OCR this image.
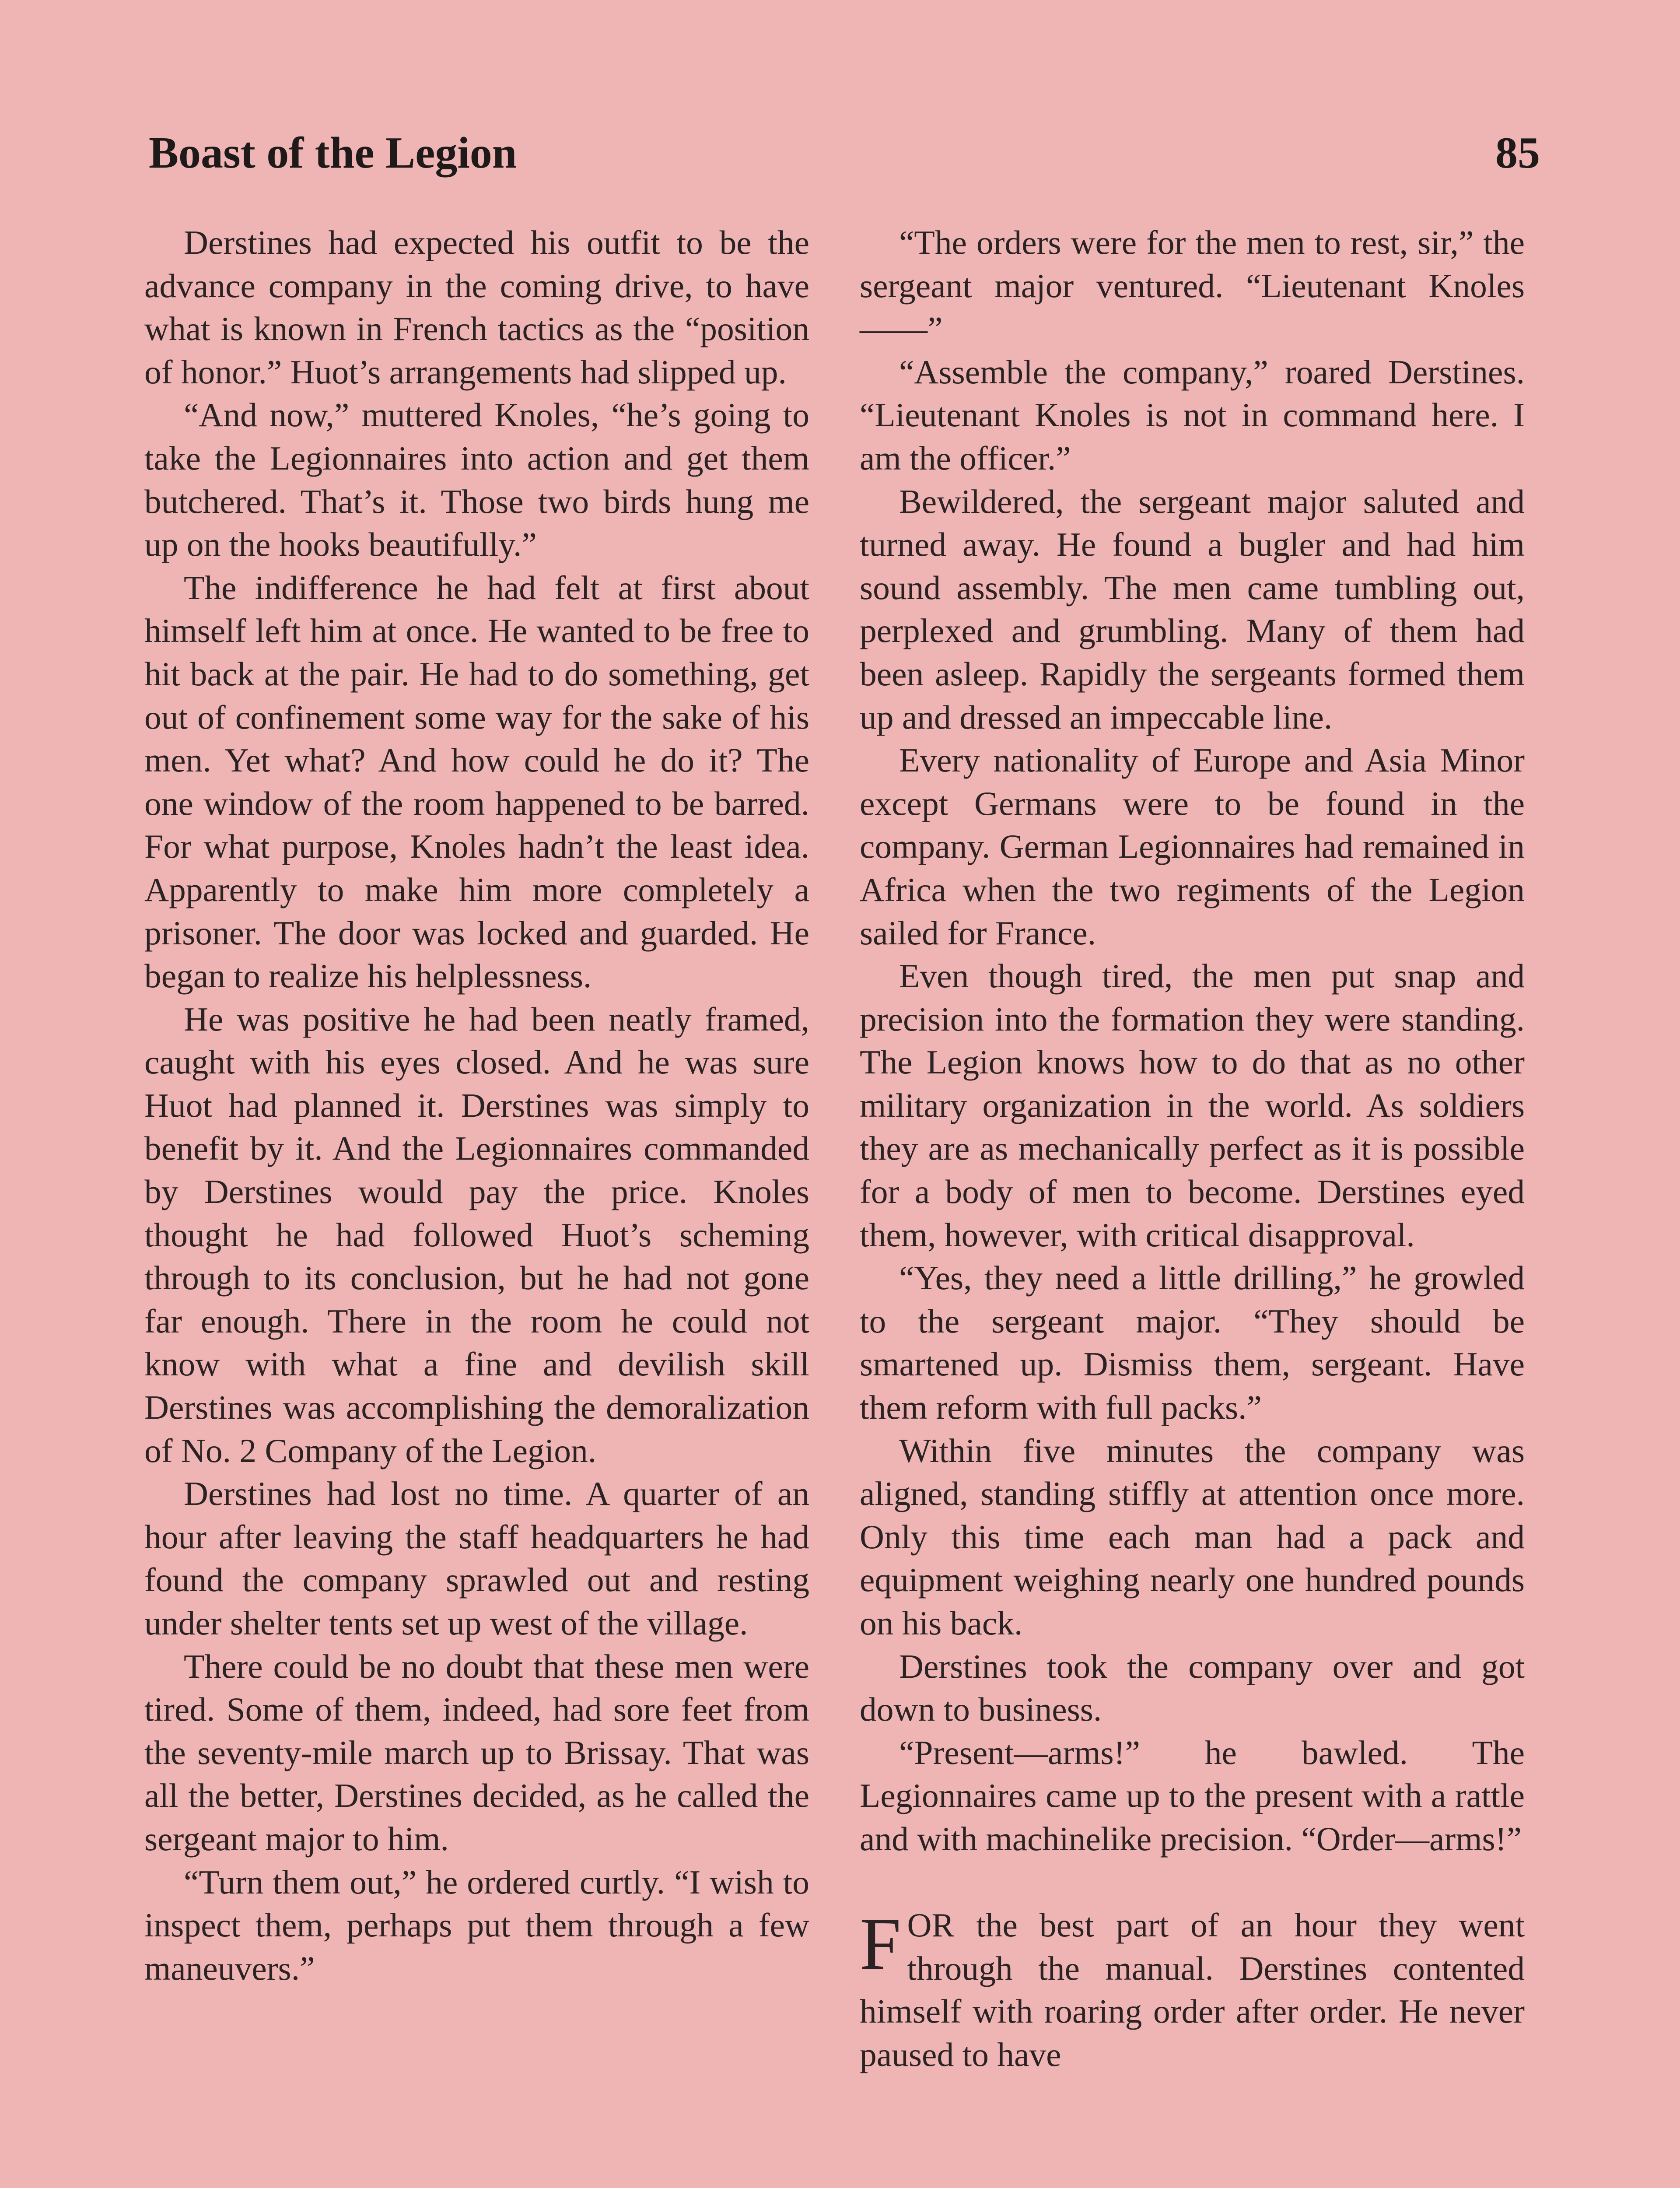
Boast of the Legion	85

Derstines had expected his outfit to be the advance company in the coming drive, to have what is known in French tactics as the “position of honor.” Huot’s arrangements had slipped up.

“And now,” muttered Knoles, “he’s going to take the Legionnaires into action and get them butchered. That’s it. Those two birds hung me up on the hooks beautifully.”

The indifference he had felt at first about himself left him at once. He wanted to be free to hit back at the pair. He had to do something, get out of confinement some way for the sake of his men. Yet what? And how could he do it? The one window of the room happened to be barred. For what purpose, Knoles hadn’t the least idea. Apparently to make him more completely a prisoner. The door was locked and guarded. He began to realize his helplessness.

He was positive he had been neatly framed, caught with his eyes closed. And he was sure Huot had planned it. Derstines was simply to benefit by it. And the Legionnaires commanded by Derstines would pay the price. Knoles thought he had followed Huot’s scheming through to its conclusion, but he had not gone far enough. There in the room he could not know with what a fine and devilish skill Derstines was accomplishing the demoralization of No. 2 Company of the Legion.

Derstines had lost no time. A quarter of an hour after leaving the staff headquarters he had found the company sprawled out and resting under shelter tents set up west of the village.

There could be no doubt that these men were tired. Some of them, indeed, had sore feet from the seventy-mile march up to Brissay. That was all the better, Derstines decided, as he called the sergeant major to him.

“Turn them out,” he ordered curtly. “I wish to inspect them, perhaps put them through a few maneuvers.”

“The orders were for the men to rest, sir,” the sergeant major ventured. “Lieutenant Knoles——”

“Assemble the company,” roared Derstines. “Lieutenant Knoles is not in command here. I am the officer.”

Bewildered, the sergeant major saluted and turned away. He found a bugler and had him sound assembly. The men came tumbling out, perplexed and grumbling. Many of them had been asleep. Rapidly the sergeants formed them up and dressed an impeccable line.

Every nationality of Europe and Asia Minor except Germans were to be found in the company. German Legionnaires had remained in Africa when the two regiments of the Legion sailed for France.

Even though tired, the men put snap and precision into the formation they were standing. The Legion knows how to do that as no other military organization in the world. As soldiers they are as mechanically perfect as it is possible for a body of men to become. Derstines eyed them, however, with critical disapproval.

“Yes, they need a little drilling,” he growled to the sergeant major. “They should be smartened up. Dismiss them, sergeant. Have them reform with full packs.”

Within five minutes the company was aligned, standing stiffly at attention once more. Only this time each man had a pack and equipment weighing nearly one hundred pounds on his back.

Derstines took the company over and got down to business.

“Present—arms!” he bawled. The Legionnaires came up to the present with a rattle and with machinelike precision. “Order—arms!”

FOR the best part of an hour they went through the manual. Derstines contented himself with roaring order after order. He never paused to have
